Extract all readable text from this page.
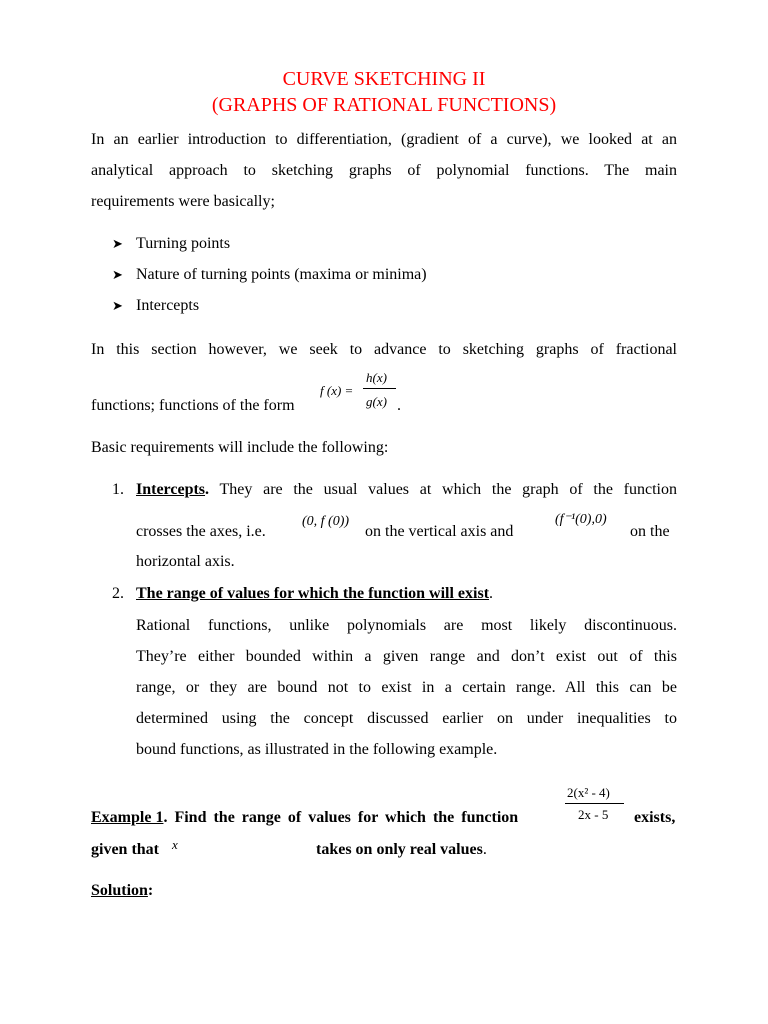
CURVE SKETCHING II
(GRAPHS OF RATIONAL FUNCTIONS)
In an earlier introduction to differentiation, (gradient of a curve), we looked at an
analytical approach to sketching graphs of polynomial functions. The main
requirements were basically;
➤ Turning points
➤ Nature of turning points (maxima or minima)
➤ Intercepts
In this section however, we seek to advance to sketching graphs of fractional
functions; functions of the form
f (x) =
h(x)
g(x) .
Basic requirements will include the following:
1. Intercepts. They are the usual values at which the graph of the function
crosses the axes, i.e.
(0, f (0))
on the vertical axis and
(f⁻¹(0),0)
on the
horizontal axis.
2. The range of values for which the function will exist.
Rational functions, unlike polynomials are most likely discontinuous.
They’re either bounded within a given range and don’t exist out of this
range, or they are bound not to exist in a certain range. All this can be
determined using the concept discussed earlier on under inequalities to
bound functions, as illustrated in the following example.
2(x² - 4)
2x - 5
Example 1. Find the range of values for which the function	exists,
given that x	takes on only real values.
Solution:
